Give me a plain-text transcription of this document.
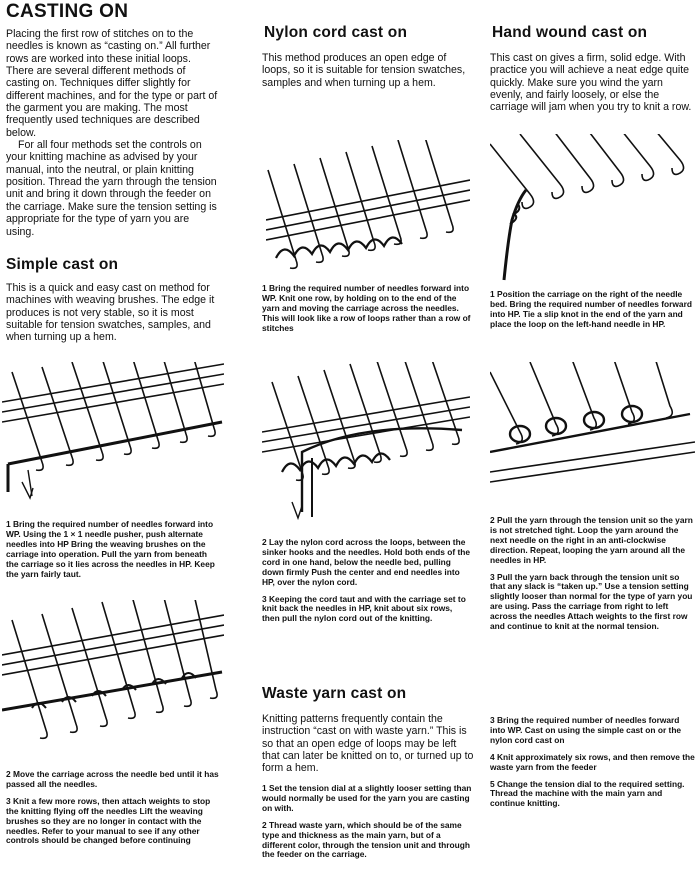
CASTING ON

Placing the first row of stitches on to the needles is known as “casting on.” All further rows are worked into these initial loops. There are several different methods of casting on. Techniques differ slightly for different machines, and for the type or part of the garment you are making. The most frequently used techniques are described below.

For all four methods set the controls on your knitting machine as advised by your manual, into the neutral, or plain knitting position. Thread the yarn through the tension unit and bring it down through the feeder on the carriage. Make sure the tension setting is appropriate for the type of yarn you are using.

Simple cast on
This is a quick and easy cast on method for machines with weaving brushes. The edge it produces is not very stable, so it is most suitable for tension swatches, samples, and when turning up a hem.
1 Bring the required number of needles forward into WP. Using the 1 × 1 needle pusher, push alternate needles into HP Bring the weaving brushes on the carriage into operation. Pull the yarn from beneath the carriage so it lies across the needles in HP. Keep the yarn fairly taut.

2 Move the carriage across the needle bed until it has passed all the needles.

3 Knit a few more rows, then attach weights to stop the knitting flying off the needles Lift the weaving brushes so they are no longer in contact with the needles. Refer to your manual to see if any other controls should be changed before continuing

Nylon cord cast on
This method produces an open edge of loops, so it is suitable for tension swatches, samples and when turning up a hem.
1 Bring the required number of needles forward into WP. Knit one row, by holding on to the end of the yarn and moving the carriage across the needles. This will look like a row of loops rather than a row of stitches

2 Lay the nylon cord across the loops, between the sinker hooks and the needles. Hold both ends of the cord in one hand, below the needle bed, pulling down firmly Push the center and end needles into HP, over the nylon cord.

3 Keeping the cord taut and with the carriage set to knit back the needles in HP, knit about six rows, then pull the nylon cord out of the knitting.

Waste yarn cast on
Knitting patterns frequently contain the instruction “cast on with waste yarn.” This is so that an open edge of loops may be left that can later be knitted on to, or turned up to form a hem.

1 Set the tension dial at a slightly looser setting than would normally be used for the yarn you are casting on with.

2 Thread waste yarn, which should be of the same type and thickness as the main yarn, but of a different color, through the tension unit and through the feeder on the carriage.

Hand wound cast on
This cast on gives a firm, solid edge. With practice you will achieve a neat edge quite quickly. Make sure you wind the yarn evenly, and fairly loosely, or else the carriage will jam when you try to knit a row.
1 Position the carriage on the right of the needle bed. Bring the required number of needles forward into HP. Tie a slip knot in the end of the yarn and place the loop on the left-hand needle in HP.

2 Pull the yarn through the tension unit so the yarn is not stretched tight. Loop the yarn around the next needle on the right in an anti-clockwise direction. Repeat, looping the yarn around all the needles in HP.

3 Pull the yarn back through the tension unit so that any slack is “taken up.” Use a tension setting slightly looser than normal for the type of yarn you are using. Pass the carriage from right to left across the needles Attach weights to the first row and continue to knit at the normal tension.

3 Bring the required number of needles forward into WP. Cast on using the simple cast on or the nylon cord cast on

4 Knit approximately six rows, and then remove the waste yarn from the feeder

5 Change the tension dial to the required setting. Thread the machine with the main yarn and continue knitting.
